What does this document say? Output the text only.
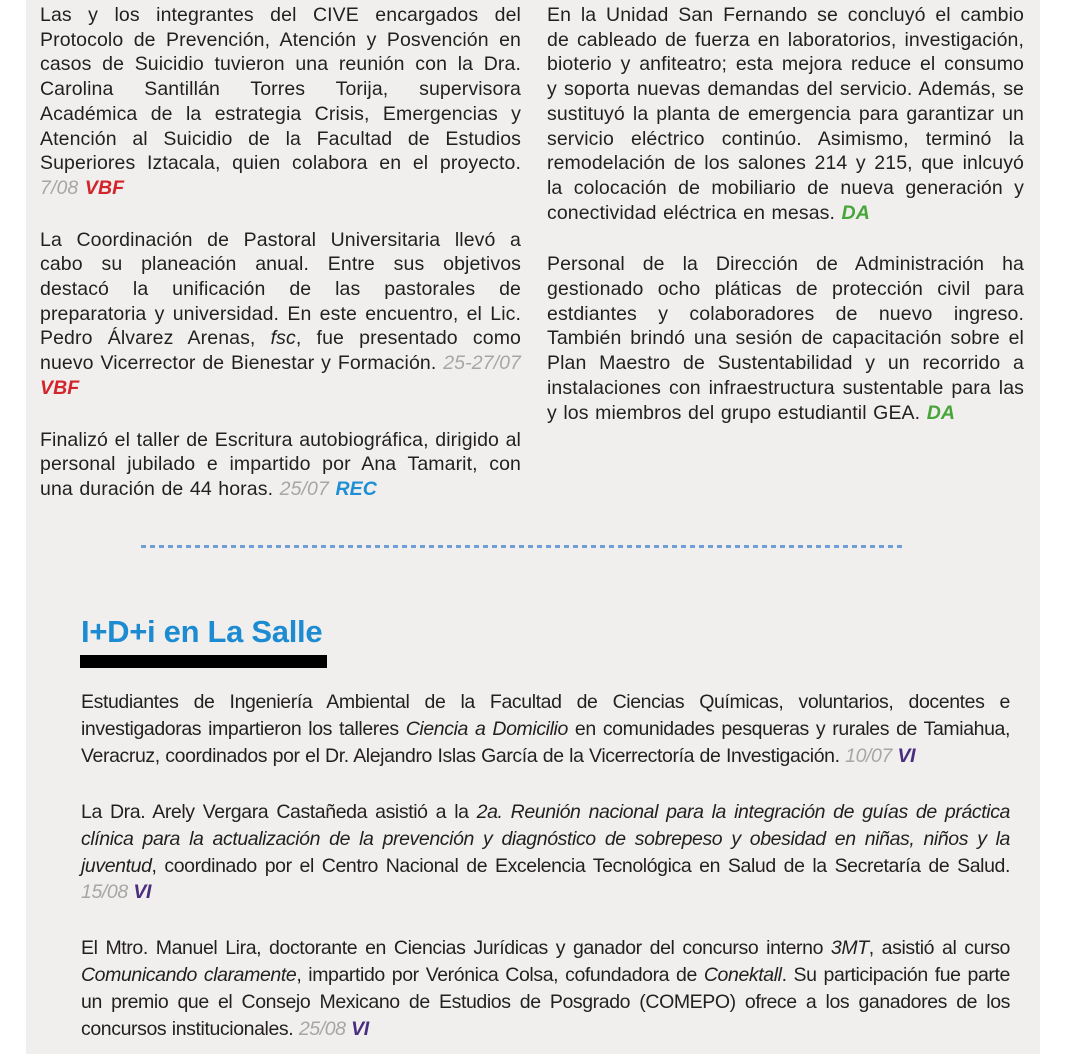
Las y los integrantes del CIVE encargados del Protocolo de Prevención, Atención y Posvención en casos de Suicidio tuvieron una reunión con la Dra. Carolina Santillán Torres Torija, supervisora Académica de la estrategia Crisis, Emergencias y Atención al Suicidio de la Facultad de Estudios Superiores Iztacala, quien colabora en el proyecto. 7/08 VBF

La Coordinación de Pastoral Universitaria llevó a cabo su planeación anual. Entre sus objetivos destacó la unificación de las pastorales de preparatoria y universidad. En este encuentro, el Lic. Pedro Álvarez Arenas, fsc, fue presentado como nuevo Vicerrector de Bienestar y Formación. 25-27/07 VBF

Finalizó el taller de Escritura autobiográfica, dirigido al personal jubilado e impartido por Ana Tamarit, con una duración de 44 horas. 25/07 REC

En la Unidad San Fernando se concluyó el cambio de cableado de fuerza en laboratorios, investigación, bioterio y anfiteatro; esta mejora reduce el consumo y soporta nuevas demandas del servicio. Además, se sustituyó la planta de emergencia para garantizar un servicio eléctrico continúo. Asimismo, terminó la remodelación de los salones 214 y 215, que inlcuyó la colocación de mobiliario de nueva generación y conectividad eléctrica en mesas. DA

Personal de la Dirección de Administración ha gestionado ocho pláticas de protección civil para estdiantes y colaboradores de nuevo ingreso. También brindó una sesión de capacitación sobre el Plan Maestro de Sustentabilidad y un recorrido a instalaciones con infraestructura sustentable para las y los miembros del grupo estudiantil GEA. DA

I+D+i en La Salle

Estudiantes de Ingeniería Ambiental de la Facultad de Ciencias Químicas, voluntarios, docentes e investigadoras impartieron los talleres Ciencia a Domicilio en comunidades pesqueras y rurales de Tamiahua, Veracruz, coordinados por el Dr. Alejandro Islas García de la Vicerrectoría de Investigación. 10/07 VI

La Dra. Arely Vergara Castañeda asistió a la 2a. Reunión nacional para la integración de guías de práctica clínica para la actualización de la prevención y diagnóstico de sobrepeso y obesidad en niñas, niños y la juventud, coordinado por el Centro Nacional de Excelencia Tecnológica en Salud de la Secretaría de Salud. 15/08 VI

El Mtro. Manuel Lira, doctorante en Ciencias Jurídicas y ganador del concurso interno 3MT, asistió al curso Comunicando claramente, impartido por Verónica Colsa, cofundadora de Conektall. Su participación fue parte un premio que el Consejo Mexicano de Estudios de Posgrado (COMEPO) ofrece a los ganadores de los concursos institucionales. 25/08 VI
